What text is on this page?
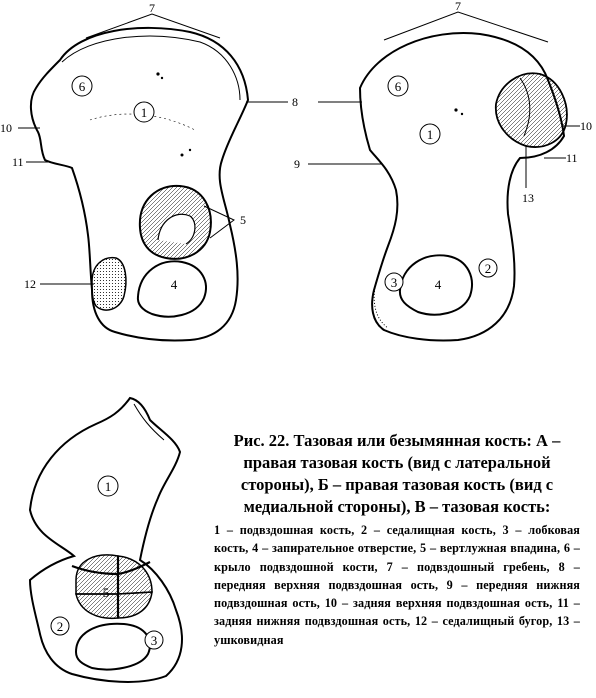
6
1
4
7
8
10
11
5
12
6
1
2
3	4
7
9
10
11
13
1
5
2
3
Рис. 22. Тазовая или безымянная кость: А – правая тазовая кость (вид с латеральной стороны), Б – правая тазовая кость (вид с медиальной стороны), В – тазовая кость:
1 – подвздошная кость, 2 – седалищная кость, 3 – лобковая кость, 4 – запирательное отверстие, 5 – вертлужная впадина, 6 – крыло подвздошной кости, 7 – подвздошный гребень, 8 – передняя верхняя подвздошная ость, 9 – передняя нижняя подвздошная ость, 10 – задняя верхняя подвздошная ость, 11 – задняя нижняя подвздошная ость, 12 – седалищный бугор, 13 – ушковидная
